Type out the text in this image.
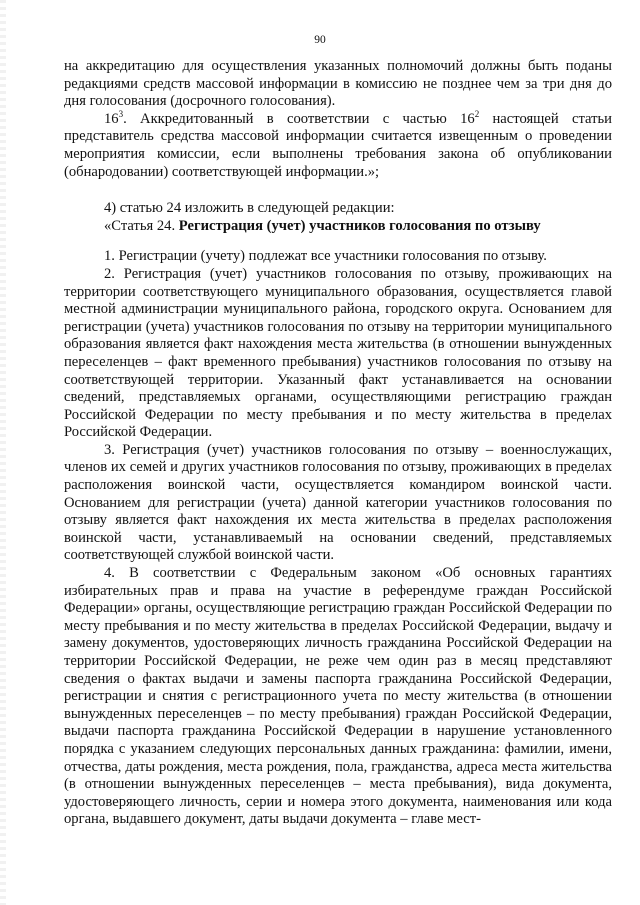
90

на аккредитацию для осуществления указанных полномочий должны быть поданы редакциями средств массовой информации в комиссию не позднее чем за три дня до дня голосования (досрочного голосования).

$16^3$. Аккредитованный в соответствии с частью $16^2$ настоящей статьи представитель средства массовой информации считается извещенным о проведении мероприятия комиссии, если выполнены требования закона об опубликовании (обнародовании) соответствующей информации.»;

4) статью 24 изложить в следующей редакции:

«Статья 24. Регистрация (учет) участников голосования по отзыву

1. Регистрации (учету) подлежат все участники голосования по отзыву.

2. Регистрация (учет) участников голосования по отзыву, проживающих на территории соответствующего муниципального образования, осуществляется главой местной администрации муниципального района, городского округа. Основанием для регистрации (учета) участников голосования по отзыву на территории муниципального образования является факт нахождения места жительства (в отношении вынужденных переселенцев – факт временного пребывания) участников голосования по отзыву на соответствующей территории. Указанный факт устанавливается на основании сведений, представляемых органами, осуществляющими регистрацию граждан Российской Федерации по месту пребывания и по месту жительства в пределах Российской Федерации.

3. Регистрация (учет) участников голосования по отзыву – военнослужащих, членов их семей и других участников голосования по отзыву, проживающих в пределах расположения воинской части, осуществляется командиром воинской части. Основанием для регистрации (учета) данной категории участников голосования по отзыву является факт нахождения их места жительства в пределах расположения воинской части, устанавливаемый на основании сведений, представляемых соответствующей службой воинской части.

4. В соответствии с Федеральным законом «Об основных гарантиях избирательных прав и права на участие в референдуме граждан Российской Федерации» органы, осуществляющие регистрацию граждан Российской Федерации по месту пребывания и по месту жительства в пределах Российской Федерации, выдачу и замену документов, удостоверяющих личность гражданина Российской Федерации на территории Российской Федерации, не реже чем один раз в месяц представляют сведения о фактах выдачи и замены паспорта гражданина Российской Федерации, регистрации и снятия с регистрационного учета по месту жительства (в отношении вынужденных переселенцев – по месту пребывания) граждан Российской Федерации, выдачи паспорта гражданина Российской Федерации в нарушение установленного порядка с указанием следующих персональных данных гражданина: фамилии, имени, отчества, даты рождения, места рождения, пола, гражданства, адреса места жительства (в отношении вынужденных переселенцев – места пребывания), вида документа, удостоверяющего личность, серии и номера этого документа, наименования или кода органа, выдавшего документ, даты выдачи документа – главе мест-
